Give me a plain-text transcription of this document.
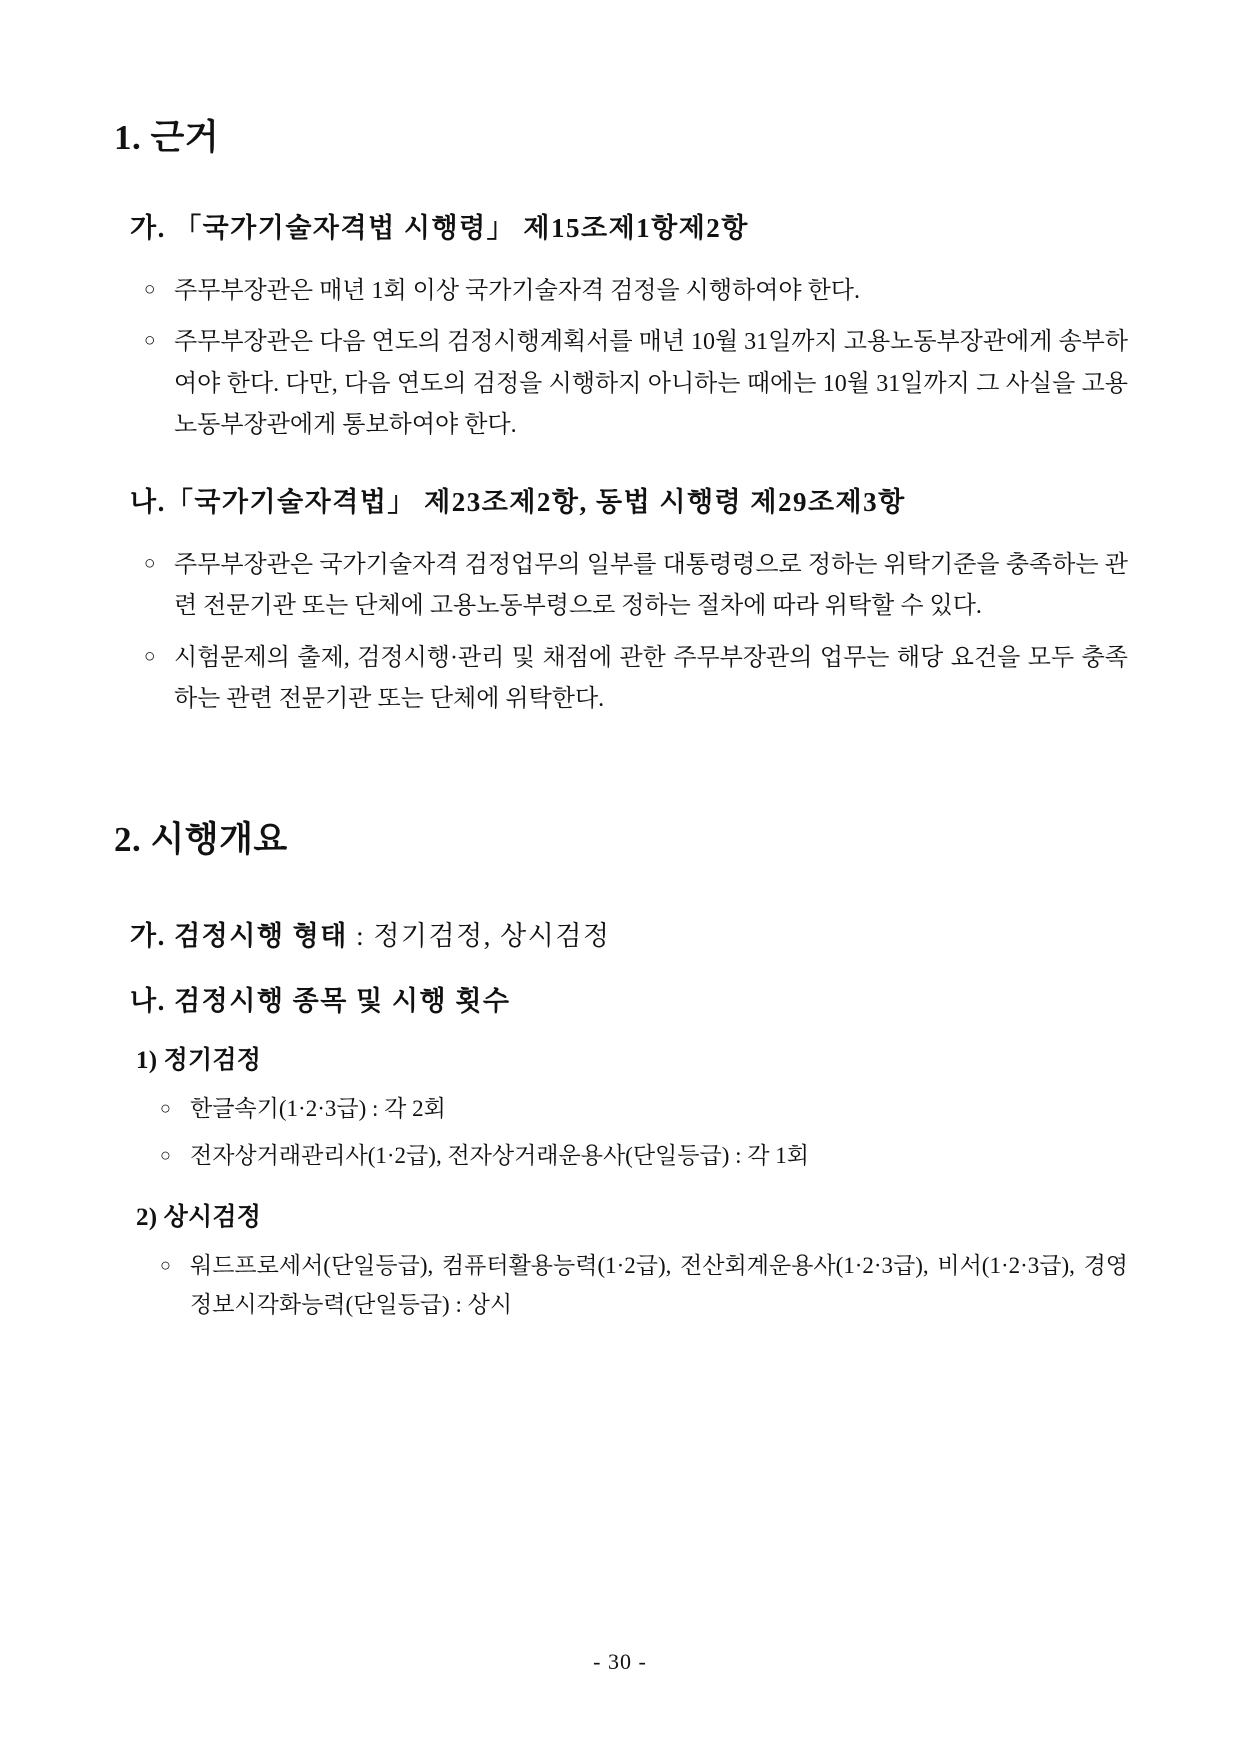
1. 근거
가. 「국가기술자격법 시행령」 제15조제1항제2항
○ 주무부장관은 매년 1회 이상 국가기술자격 검정을 시행하여야 한다.
○ 주무부장관은 다음 연도의 검정시행계획서를 매년 10월 31일까지 고용노동부장관에게 송부하여야 한다. 다만, 다음 연도의 검정을 시행하지 아니하는 때에는 10월 31일까지 그 사실을 고용노동부장관에게 통보하여야 한다.
나.「국가기술자격법」 제23조제2항, 동법 시행령 제29조제3항
○ 주무부장관은 국가기술자격 검정업무의 일부를 대통령령으로 정하는 위탁기준을 충족하는 관련 전문기관 또는 단체에 고용노동부령으로 정하는 절차에 따라 위탁할 수 있다.
○ 시험문제의 출제, 검정시행·관리 및 채점에 관한 주무부장관의 업무는 해당 요건을 모두 충족하는 관련 전문기관 또는 단체에 위탁한다.
2. 시행개요
가. 검정시행 형태 : 정기검정, 상시검정
나. 검정시행 종목 및 시행 횟수
1) 정기검정
○ 한글속기(1·2·3급) : 각 2회
○ 전자상거래관리사(1·2급), 전자상거래운용사(단일등급) : 각 1회
2) 상시검정
○ 워드프로세서(단일등급), 컴퓨터활용능력(1·2급), 전산회계운용사(1·2·3급), 비서(1·2·3급), 경영정보시각화능력(단일등급) : 상시
- 30 -
